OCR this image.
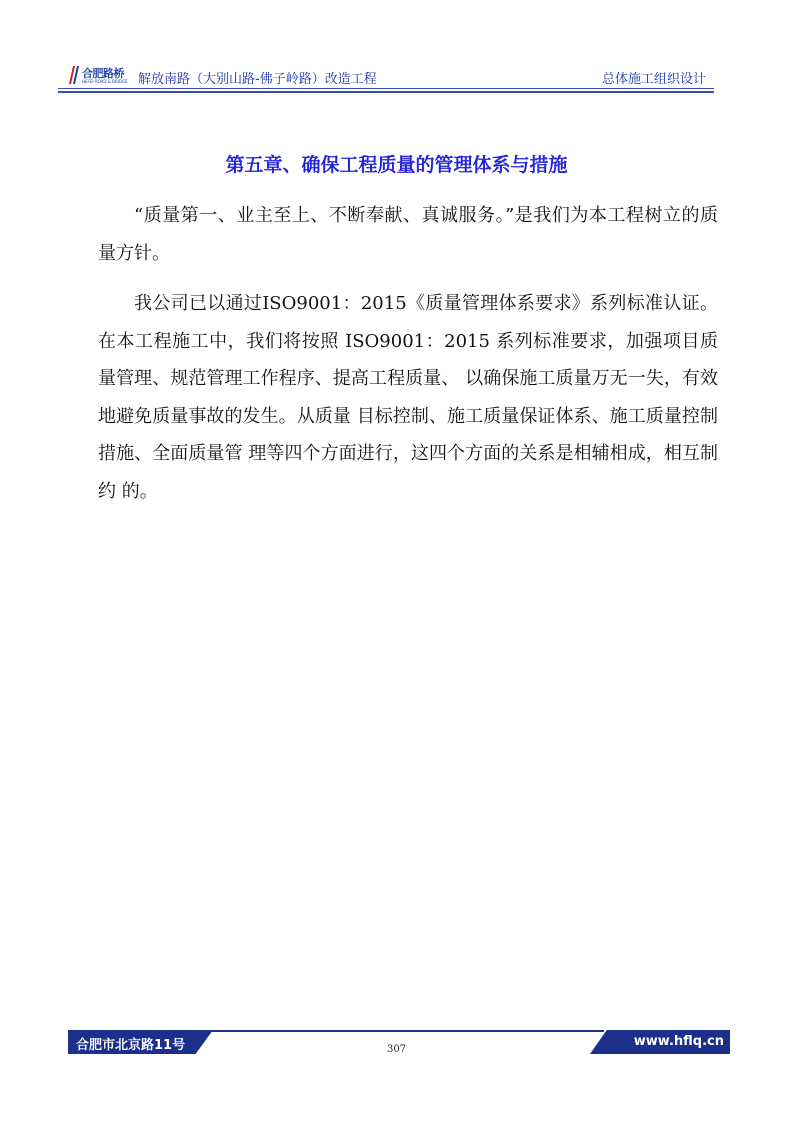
合肥路桥
HEFEI ROAD & BRIDGE 解放南路（大别山路-佛子岭路）改造工程	总体施工组织设计
第五章、确保工程质量的管理体系与措施

“质量第一、业主至上、不断奉献、真诚服务。”是我们为本工程树立的质量方针。

我公司已以通过ISO9001：2015《质量管理体系要求》系列标准认证。在本工程施工中，我们将按照 ISO9001：2015 系列标准要求，加强项目质量管理、规范管理工作程序、提高工程质量、 以确保施工质量万无一失，有效地避免质量事故的发生。从质量 目标控制、施工质量保证体系、施工质量控制措施、全面质量管 理等四个方面进行，这四个方面的关系是相辅相成，相互制约 的。

合肥市北京路11号	www.hflq.cn
307
